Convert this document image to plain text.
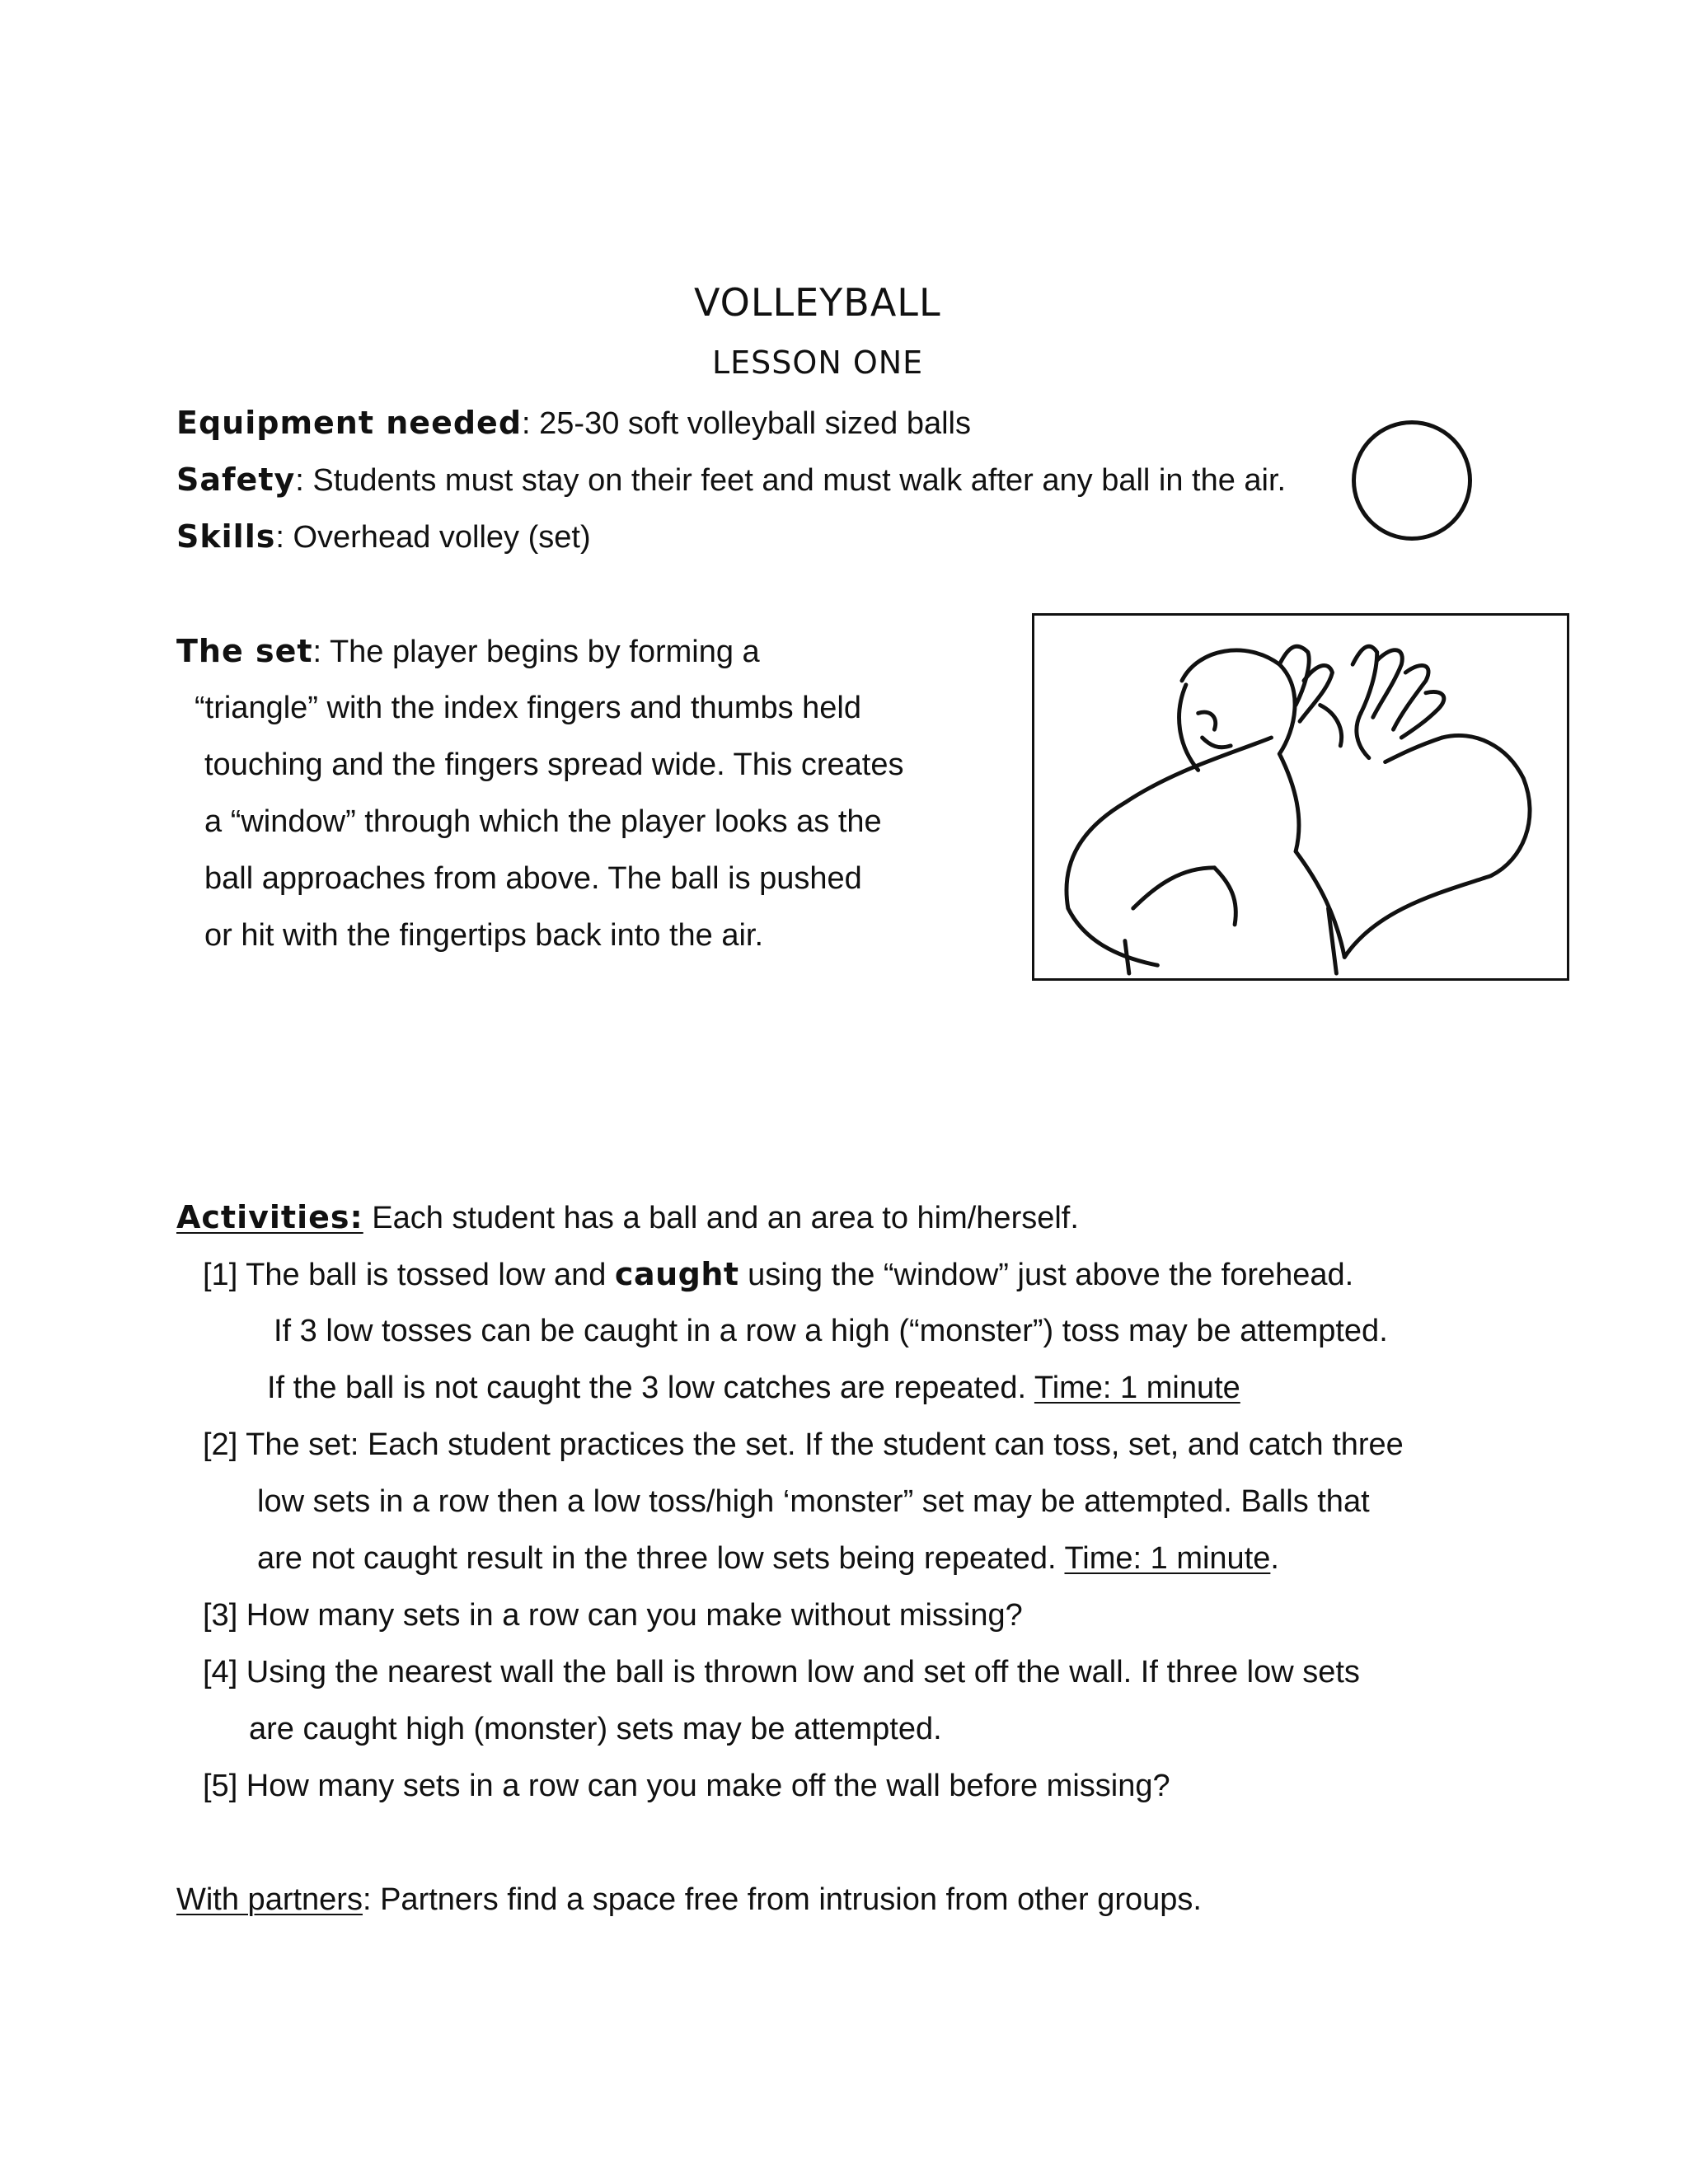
VOLLEYBALL
LESSON ONE
Equipment needed: 25-30 soft volleyball sized balls
Safety: Students must stay on their feet and must walk after any ball in the air.
Skills: Overhead volley (set)
The set: The player begins by forming a
“triangle” with the index fingers and thumbs held
touching and the fingers spread wide. This creates
a “window” through which the player looks as the
ball approaches from above. The ball is pushed
or hit with the fingertips back into the air.
Activities: Each student has a ball and an area to him/herself.
[1] The ball is tossed low and caught using the “window” just above the forehead.
If 3 low tosses can be caught in a row a high (“monster”) toss may be attempted.
If the ball is not caught the 3 low catches are repeated. Time: 1 minute
[2] The set: Each student practices the set. If the student can toss, set, and catch three
low sets in a row then a low toss/high ‘monster” set may be attempted. Balls that
are not caught result in the three low sets being repeated. Time: 1 minute.
[3] How many sets in a row can you make without missing?
[4] Using the nearest wall the ball is thrown low and set off the wall. If three low sets
are caught high (monster) sets may be attempted.
[5] How many sets in a row can you make off the wall before missing?
With partners: Partners find a space free from intrusion from other groups.
